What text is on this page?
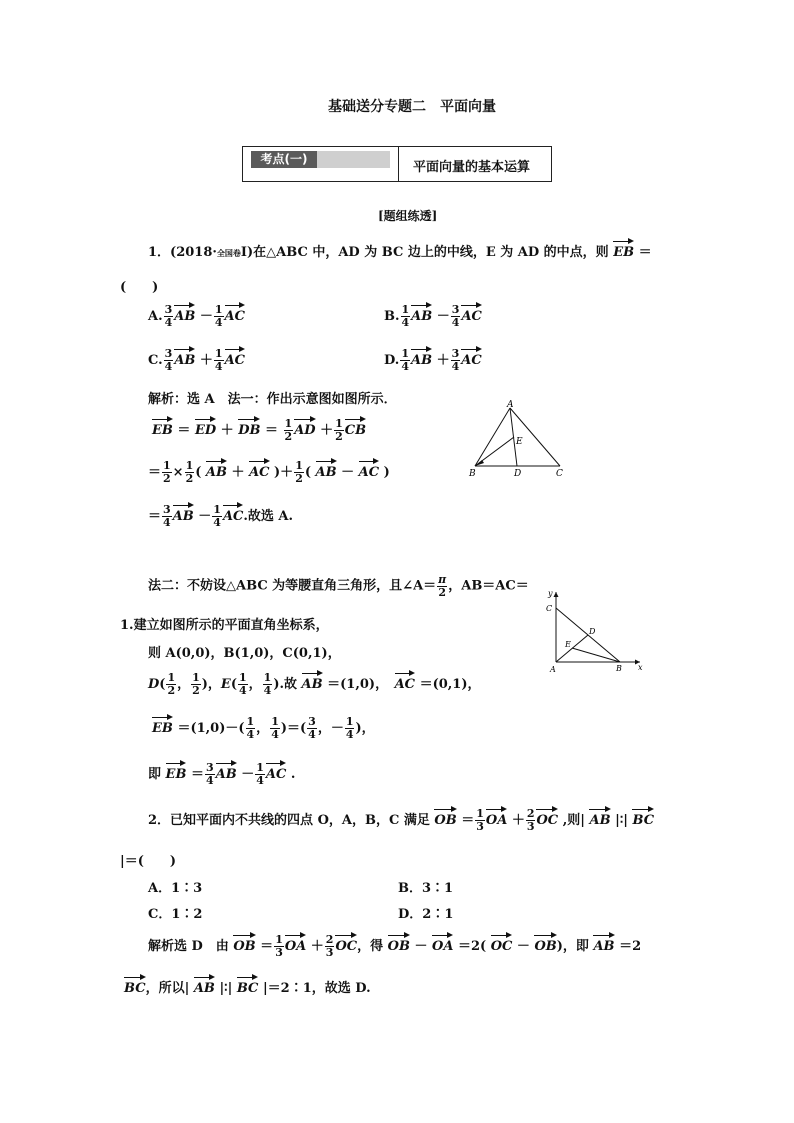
基础送分专题二　平面向量
考点(一)
平面向量的基本运算
[题组练透]
1．(2018·全国卷Ⅰ)在△ABC 中，AD 为 BC 边上的中线，E 为 AD 的中点，则 EB ＝
(　　)
A. $\frac{3}{4}$ AB － $\frac{1}{4}$ AC	B. $\frac{1}{4}$ AB － $\frac{3}{4}$ AC
C. $\frac{3}{4}$ AB ＋ $\frac{1}{4}$ AC	D. $\frac{1}{4}$ AB ＋ $\frac{3}{4}$ AC
解析：选 A　法一：作出示意图如图所示．
EB ＝ ED ＋ DB ＝ $\frac{1}{2}$ AD ＋ $\frac{1}{2}$ CB
＝ $\frac{1}{2} \times \frac{1}{2}$ ( AB ＋ AC )＋ $\frac{1}{2}$ ( AB － AC )
＝ $\frac{3}{4}$ AB － $\frac{1}{4}$ AC.故选 A.
A
B	C
D
E
法二：不妨设△ABC 为等腰直角三角形，且∠A＝ $\frac{\pi}{2}$ ，AB＝AC＝
1.建立如图所示的平面直角坐标系，
则 A(0,0)，B(1,0)，C(0,1)，
$D( \frac{1}{2}$ ， $\frac{1}{2}$ )，$E( \frac{1}{4}$ ， $\frac{1}{4}$ ).故 AB ＝(1,0)，　 AC ＝(0,1)，
EB $=(1,0)-( \frac{1}{4}$ ， $\frac{1}{4}$ )＝( $\frac{3}{4}$ ，－ $\frac{1}{4}$ )，
即 EB ＝ $\frac{3}{4}$ AB － $\frac{1}{4}$ AC .
y
C
D
E
A	B x
2．已知平面内不共线的四点 O，A，B，C 满足 OB ＝ $\frac{1}{3}$ OA ＋ $\frac{2}{3}$ OC ,则| AB |∶| BC
|＝(　　)
A．1∶3	B．3∶1
C．1∶2	D．2∶1
解析选 D　由 OB ＝ $\frac{1}{3}$ OA ＋ $\frac{2}{3}$ OC，得 OB － OA ＝2( OC － OB)，即 AB ＝2
BC，所以| AB |∶| BC |＝2∶1，故选 D.
